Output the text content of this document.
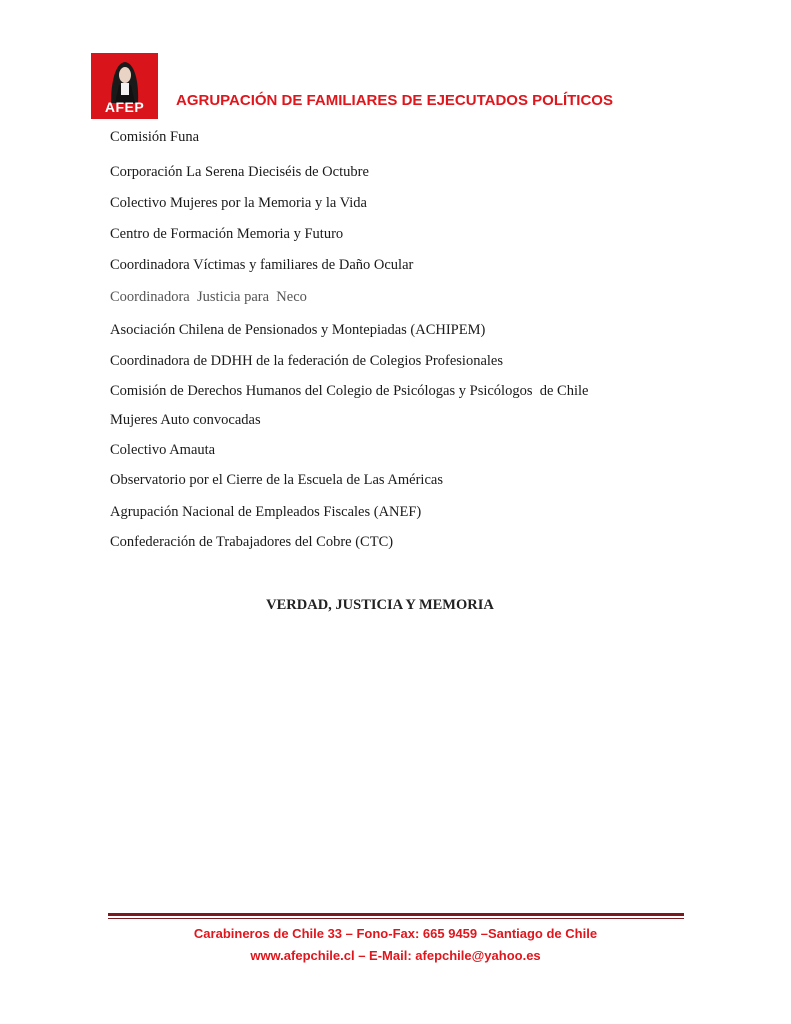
AFEP	AGRUPACIÓN DE FAMILIARES DE EJECUTADOS POLÍTICOS
Comisión Funa
Corporación La Serena Dieciséis de Octubre
Colectivo Mujeres por la Memoria y la Vida
Centro de Formación Memoria y Futuro
Coordinadora Víctimas y familiares de Daño Ocular
Coordinadora  Justicia para  Neco
Asociación Chilena de Pensionados y Montepiadas (ACHIPEM)
Coordinadora de DDHH de la federación de Colegios Profesionales
Comisión de Derechos Humanos del Colegio de Psicólogas y Psicólogos  de Chile
Mujeres Auto convocadas
Colectivo Amauta
Observatorio por el Cierre de la Escuela de Las Américas
Agrupación Nacional de Empleados Fiscales (ANEF)
Confederación de Trabajadores del Cobre (CTC)
VERDAD, JUSTICIA Y MEMORIA
Carabineros de Chile 33 – Fono-Fax: 665 9459 –Santiago de Chile
www.afepchile.cl – E-Mail: afepchile@yahoo.es
